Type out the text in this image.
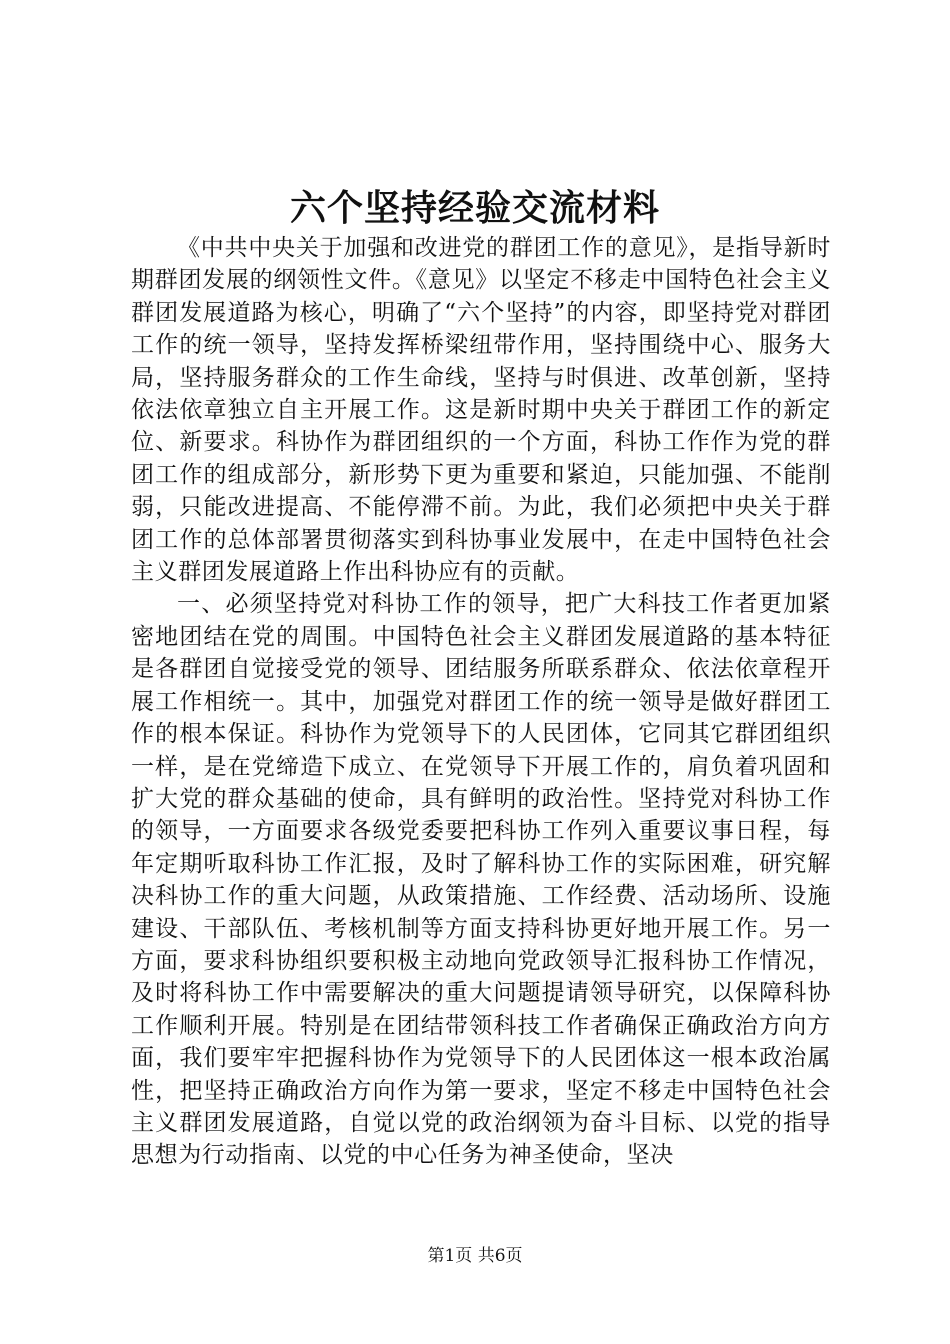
六个坚持经验交流材料

《中共中央关于加强和改进党的群团工作的意见》，是指导新时期群团发展的纲领性文件。《意见》以坚定不移走中国特色社会主义群团发展道路为核心，明确了“六个坚持”的内容，即坚持党对群团工作的统一领导，坚持发挥桥梁纽带作用，坚持围绕中心、服务大局，坚持服务群众的工作生命线，坚持与时俱进、改革创新，坚持依法依章独立自主开展工作。这是新时期中央关于群团工作的新定位、新要求。科协作为群团组织的一个方面，科协工作作为党的群团工作的组成部分，新形势下更为重要和紧迫，只能加强、不能削弱，只能改进提高、不能停滞不前。为此，我们必须把中央关于群团工作的总体部署贯彻落实到科协事业发展中，在走中国特色社会主义群团发展道路上作出科协应有的贡献。

一、必须坚持党对科协工作的领导，把广大科技工作者更加紧密地团结在党的周围。中国特色社会主义群团发展道路的基本特征是各群团自觉接受党的领导、团结服务所联系群众、依法依章程开展工作相统一。其中，加强党对群团工作的统一领导是做好群团工作的根本保证。科协作为党领导下的人民团体，它同其它群团组织一样，是在党缔造下成立、在党领导下开展工作的，肩负着巩固和扩大党的群众基础的使命，具有鲜明的政治性。坚持党对科协工作的领导，一方面要求各级党委要把科协工作列入重要议事日程，每年定期听取科协工作汇报，及时了解科协工作的实际困难，研究解决科协工作的重大问题，从政策措施、工作经费、活动场所、设施建设、干部队伍、考核机制等方面支持科协更好地开展工作。另一方面，要求科协组织要积极主动地向党政领导汇报科协工作情况，及时将科协工作中需要解决的重大问题提请领导研究，以保障科协工作顺利开展。特别是在团结带领科技工作者确保正确政治方向方面，我们要牢牢把握科协作为党领导下的人民团体这一根本政治属性，把坚持正确政治方向作为第一要求，坚定不移走中国特色社会主义群团发展道路，自觉以党的政治纲领为奋斗目标、以党的指导思想为行动指南、以党的中心任务为神圣使命，坚决

第1页 共6页
